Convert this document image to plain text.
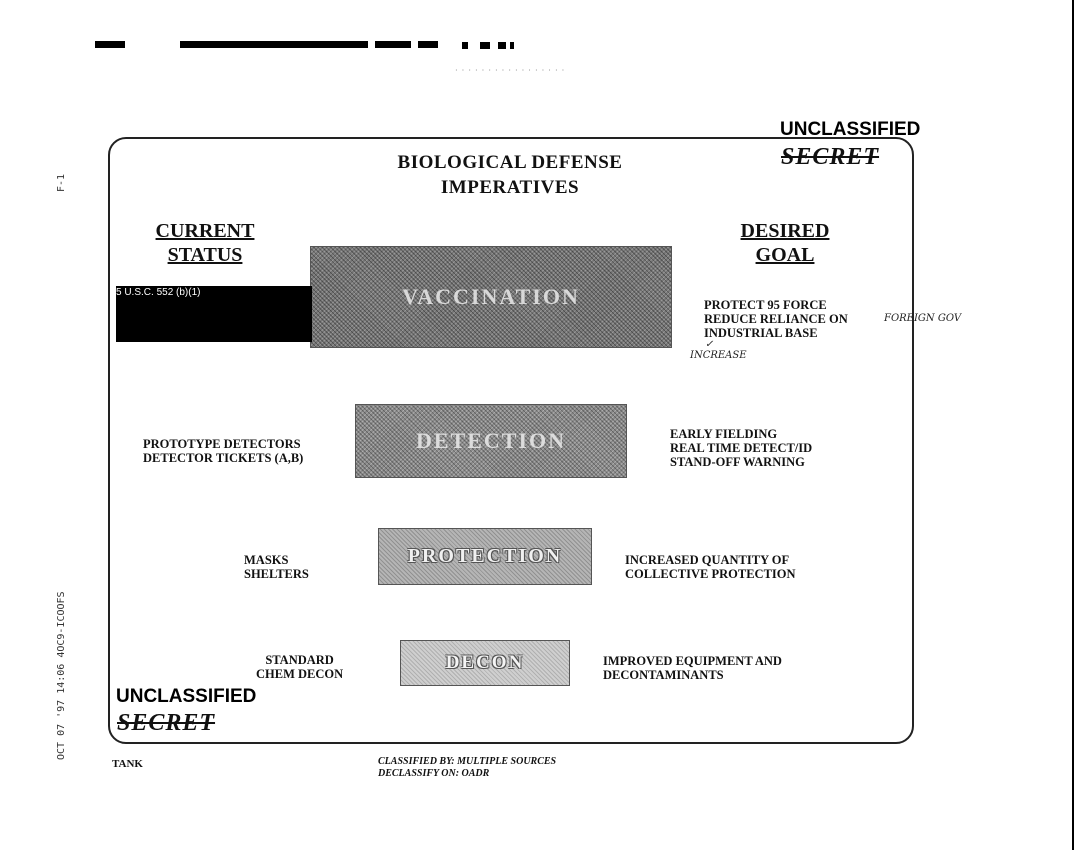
· · · · · · · · · · · · · · · · ·
F-1
OCT 07 '97 14:06 4OC9-ICOOFS
UNCLASSIFIED
SECRET
UNCLASSIFIED
SECRET
BIOLOGICAL DEFENSE
IMPERATIVES
CURRENT
STATUS
DESIRED
GOAL
VACCINATION
5 U.S.C. 552 (b)(1)
PROTECT 95 FORCE
REDUCE RELIANCE ON
INDUSTRIAL BASE
FOREIGN GOV
✓
INCREASE
DETECTION
PROTOTYPE DETECTORS
DETECTOR TICKETS (A,B)
EARLY FIELDING
REAL TIME DETECT/ID
STAND-OFF WARNING
PROTECTION
MASKS
SHELTERS
INCREASED QUANTITY OF
COLLECTIVE PROTECTION
DECON
STANDARD
CHEM DECON
IMPROVED EQUIPMENT AND
DECONTAMINANTS
TANK	CLASSIFIED BY: MULTIPLE SOURCES
DECLASSIFY ON: OADR
